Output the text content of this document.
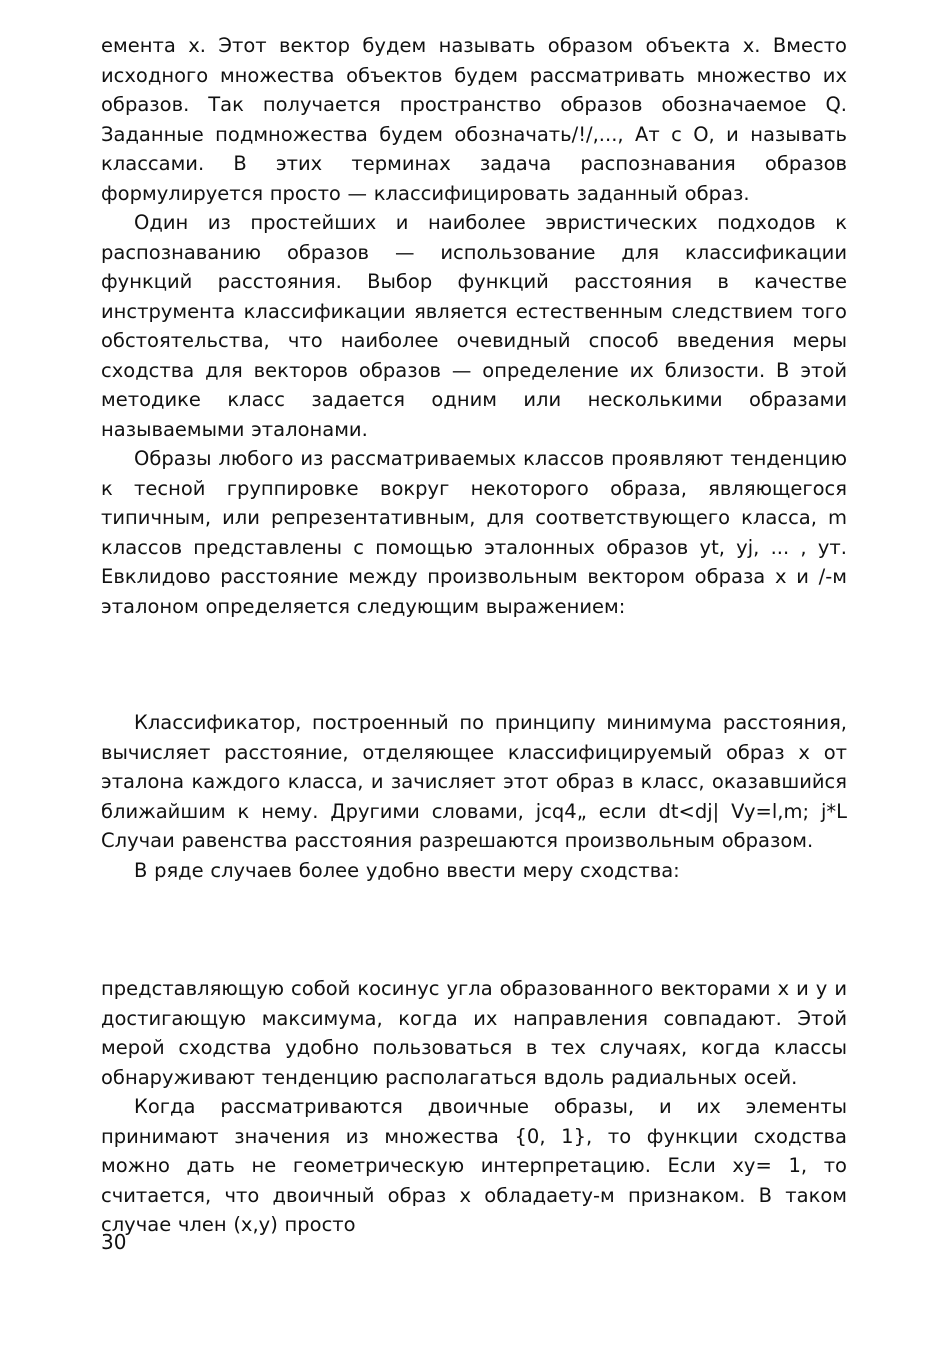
емента x. Этот вектор будем называть образом объекта x. Вместо исходного множества объектов будем рассматривать множество их образов. Так получается пространство образов обозначаемое Q. Заданные подмножества будем обозначать/!/,..., Aт с O, и называть классами. В этих терминах задача распознавания образов формулируется просто — классифицировать заданный образ.

Один из простейших и наиболее эвристических подходов к распознаванию образов — использование для классификации функций расстояния. Выбор функций расстояния в качестве инструмента классификации является естественным следствием того обстоятельства, что наиболее очевидный способ введения меры сходства для векторов образов — определение их близости. В этой методике класс задается одним или несколькими образами называемыми эталонами.

Образы любого из рассматриваемых классов проявляют тенденцию к тесной группировке вокруг некоторого образа, являющегося типичным, или репрезентативным, для соответствующего класса, m классов представлены с помощью эталонных образов yt, yj, ... , yт. Евклидово расстояние между произвольным вектором образа x и /-м эталоном определяется следующим выражением:

Классификатор, построенный по принципу минимума расстояния, вычисляет расстояние, отделяющее классифицируемый образ x от эталона каждого класса, и зачисляет этот образ в класс, оказавшийся ближайшим к нему. Другими словами, jcq4„ если dt<dj| Vy=l,m; j*L Случаи равенства расстояния разрешаются произвольным образом.

В ряде случаев более удобно ввести меру сходства:

представляющую собой косинус угла образованного векторами x и y и достигающую максимума, когда их направления совпадают. Этой мерой сходства удобно пользоваться в тех случаях, когда классы обнаруживают тенденцию располагаться вдоль радиальных осей.

Когда рассматриваются двоичные образы, и их элементы принимают значения из множества {0, 1}, то функции сходства можно дать не геометрическую интерпретацию. Если xy= 1, то считается, что двоичный образ x обладаету-м признаком. В таком случае член (x,y) просто

30
